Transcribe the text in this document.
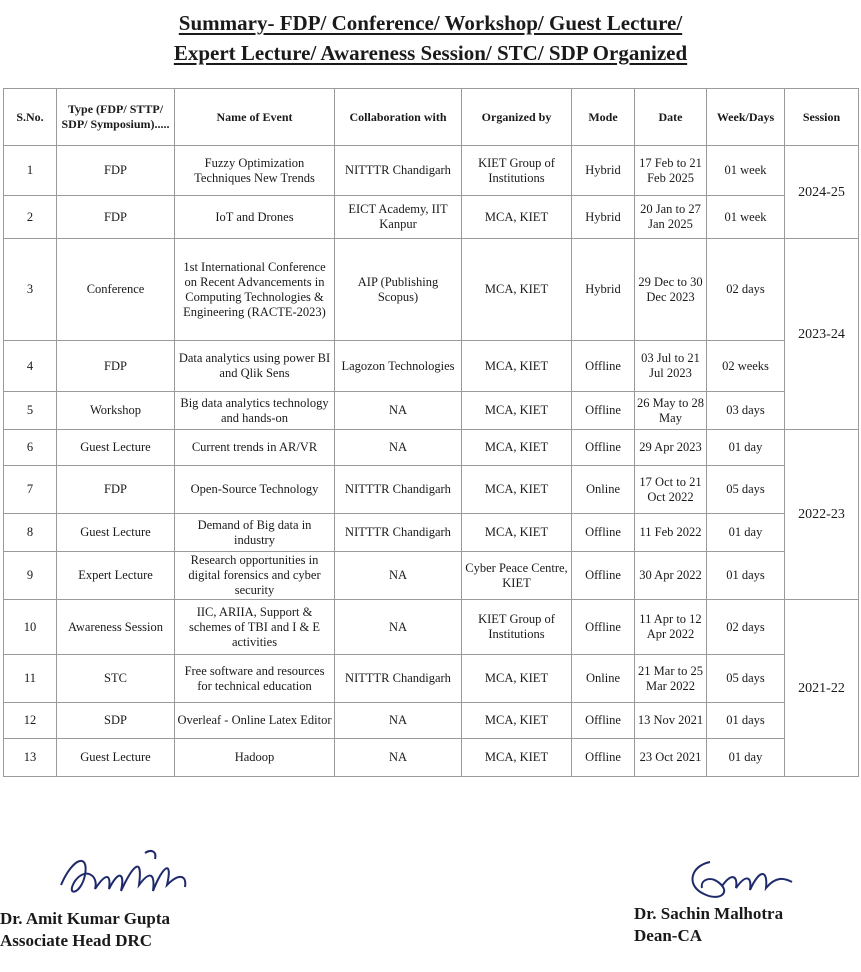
Summary- FDP/ Conference/ Workshop/ Guest Lecture/
Expert Lecture/ Awareness Session/ STC/ SDP Organized
S.No.	Type (FDP/ STTP/ SDP/ Symposium).....	Name of Event	Collaboration with	Organized by	Mode	Date	Week/Days	Session
1	FDP	Fuzzy Optimization Techniques New Trends	NITTTR Chandigarh	KIET Group of Institutions	Hybrid	17 Feb to 21 Feb 2025	01 week	2024-25
2	FDP	IoT and Drones	EICT Academy, IIT Kanpur	MCA, KIET	Hybrid	20 Jan to 27 Jan 2025	01 week	
3	Conference	1st International Conference on Recent Advancements in Computing Technologies & Engineering (RACTE-2023)	AIP (Publishing Scopus)	MCA, KIET	Hybrid	29 Dec to 30 Dec 2023	02 days	2023-24
4	FDP	Data analytics using power BI and Qlik Sens	Lagozon Technologies	MCA, KIET	Offline	03 Jul to 21 Jul 2023	02 weeks	
5	Workshop	Big data analytics technology and hands-on	NA	MCA, KIET	Offline	26 May to 28 May	03 days	
6	Guest Lecture	Current trends in AR/VR	NA	MCA, KIET	Offline	29 Apr 2023	01 day	2022-23
7	FDP	Open-Source Technology	NITTTR Chandigarh	MCA, KIET	Online	17 Oct to 21 Oct 2022	05 days	
8	Guest Lecture	Demand of Big data in industry	NITTTR Chandigarh	MCA, KIET	Offline	11 Feb 2022	01 day	
9	Expert Lecture	Research opportunities in digital forensics and cyber security	NA	Cyber Peace Centre, KIET	Offline	30 Apr 2022	01 days	
10	Awareness Session	IIC, ARIIA, Support & schemes of TBI and I & E activities	NA	KIET Group of Institutions	Offline	11 Apr to 12 Apr 2022	02 days	2021-22
11	STC	Free software and resources for technical education	NITTTR Chandigarh	MCA, KIET	Online	21 Mar to 25 Mar 2022	05 days	
12	SDP	Overleaf - Online Latex Editor	NA	MCA, KIET	Offline	13 Nov 2021	01 days	
13	Guest Lecture	Hadoop	NA	MCA, KIET	Offline	23 Oct 2021	01 day	
Dr. Amit Kumar Gupta
Associate Head DRC
Dr. Sachin Malhotra
Dean-CA
